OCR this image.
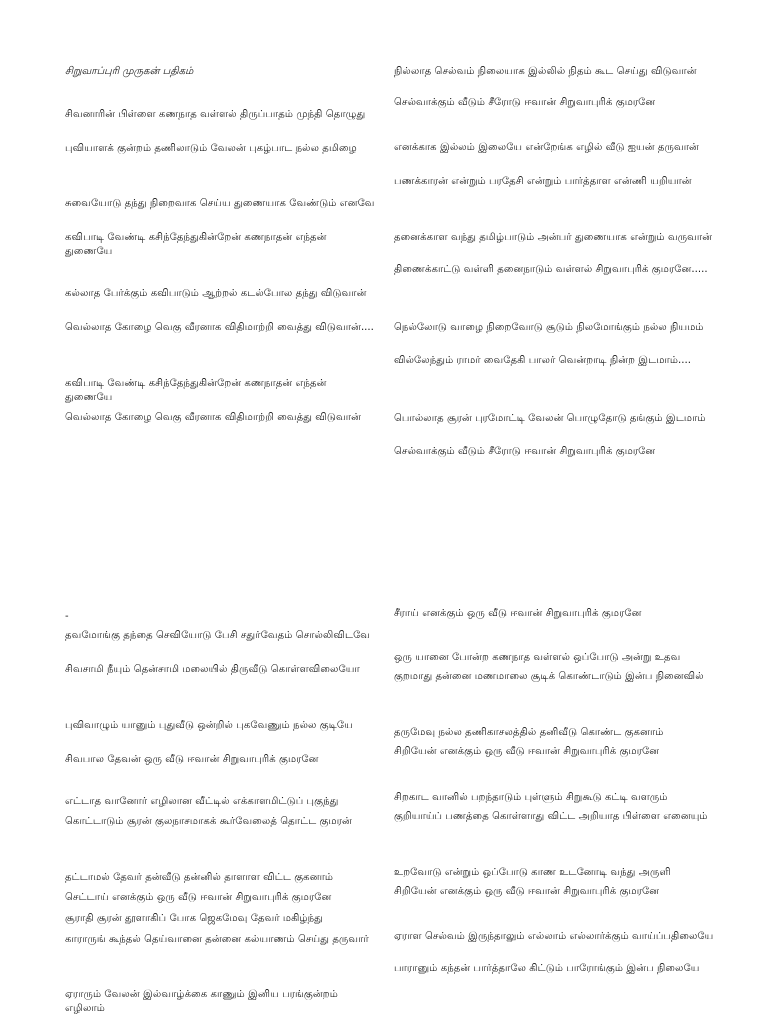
சிறுவாப்புரி முருகன் பதிகம்

சிவனாரின் பிள்ளை கணநாத வள்ளல் திருப்பாதம் முந்தி தொழுது

புவியாளக் குன்றம் தணிலாடும் வேலன் புகழ்பாட நல்ல தமிழை

சுவையோடு தந்து நிறைவாக செய்ய துணையாக வேண்டும் எனவே

கவிபாடி வேண்டி கசிந்தேந்துகின்றேன் கணநாதன் எந்தன் துணையே

கல்லாத பேர்க்கும் கவிபாடும் ஆற்றல் கடல்போல தந்து விடுவான்

வெல்லாத கோழை வெகு வீரனாக விதிமாற்றி வைத்து விடுவான்....

கவிபாடி வேண்டி கசிந்தேந்துகின்றேன் கணநாதன் எந்தன் துணையே

வெல்லாத கோழை வெகு வீரனாக விதிமாற்றி வைத்து விடுவான்

நில்லாத செல்வம் நிலையாக இல்லில் நிதம் கூட செய்து விடுவான்

செல்வாக்கும் வீடும் சீரோடு ஈவான் சிறுவாபுரிக் குமரனே

எனக்காக இல்லம் இலையே என்றேங்க எழில் வீடு ஐயன் தருவான்

பணக்காரன் என்றும் பரதேசி என்றும் பார்த்தாள என்ணி யறியான்

தனைக்காள வந்து தமிழ்பாடும் அன்பர் துணையாக என்றும் வருவான்

திணைக்காட்டு வள்ளி தனைநாடும் வள்ளல் சிறுவாபுரிக் குமரனே.....

நெல்லோடு வாழை நிறைவோடு சூடும் நிலமோங்கும் நல்ல நியமம்

வில்லேந்தும் ராமர் வைதேகி பாலர் வென்றாடி நின்ற இடமாம்....

பொல்லாத சூரன் புரமோட்டி வேலன் பொழுதோடு தங்கும் இடமாம்

செல்வாக்கும் வீடும் சீரோடு ஈவான் சிறுவாபுரிக் குமரனே

-

தவமோங்கு தந்தை செவியோடு பேசி சதுர்வேதம் சொல்லிவிடவே

சிவசாமி நீயும் தென்சாமி மலையில் திருவீடு கொள்ளவிலையோ

புவிவாழும் யானும் புதுவீடு ஒன்றில் புகவேணும் நல்ல குடியே

சிவபால தேவன் ஒரு வீடு ஈவான் சிறுவாபுரிக் குமரனே

எட்டாத வானோர் எழிலான வீட்டில் எக்காளமிட்டுப் புகுந்து

கொட்டாடும் சூரன் குலநாசமாகக் கூர்வேலைத் தொட்ட குமரன்

தட்டாமல் தேவர் தன்வீடு தன்னில் தாளாள விட்ட குகனாம்

செட்டாய் எனக்கும் ஒரு வீடு ஈவான் சிறுவாபுரிக் குமரனே

சூராதி சூரன் தூளாகிப் போக ஜெகமேவு தேவர் மகிழ்ந்து

காராருங் கூந்தல் தெய்வானை தன்னை கல்யாணம் செய்து தருவார்

ஏராரும் வேலன் இல்வாழ்க்கை காணும் இனிய பரங்குன்றம் எழிலாம்

சீராய் எனக்கும் ஒரு வீடு ஈவான் சிறுவாபுரிக் குமரனே

ஒரு யானை போன்ற கணநாத வள்ளல் ஒப்போடு அன்று உதவ

குறமாது தன்னை மணமாலை சூடிக் கொண்டாடும் இன்ப நினைவில்

தருமேவு நல்ல தணிகாசலத்தில் தனிவீடு கொண்ட குகனாம்

சிறியேன் எனக்கும் ஒரு வீடு ஈவான் சிறுவாபுரிக் குமரனே

சிறகாட வானில் பறந்தாடும் புள்ளும் சிறுகூடு கட்டி வளரும்

குறியாய்ப் பணத்தை கொள்ளாது விட்ட அறியாத பிள்ளை எனையும்

உறவோடு என்றும் ஒப்போடு காண உடனோடி வந்து அருளி

சிறியேன் எனக்கும் ஒரு வீடு ஈவான் சிறுவாபுரிக் குமரனே

ஏராள செல்வம் இருந்தாலும் எல்லாம் எல்லார்க்கும் வாய்ப்பதிலையே

பாரானும் கந்தன் பார்த்தாலே கிட்டும் பாரோங்கும் இன்ப நிலையே
